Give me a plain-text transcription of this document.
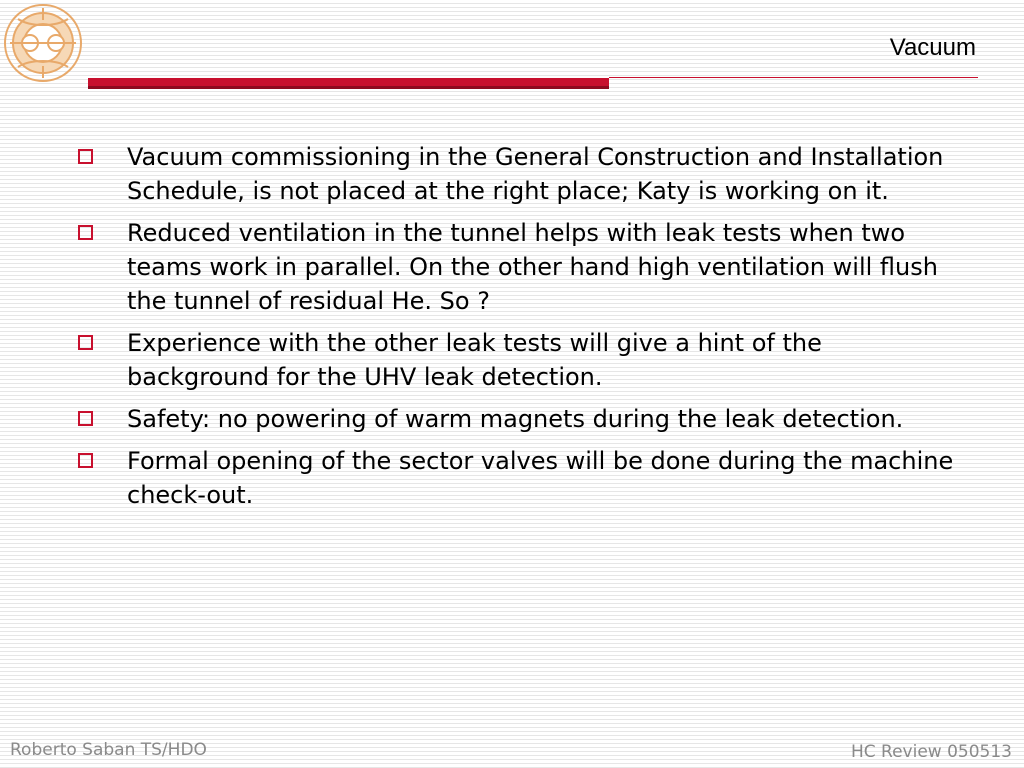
Vacuum
Vacuum commissioning in the General Construction and Installation Schedule, is not placed at the right place; Katy is working on it.
Reduced ventilation in the tunnel helps with leak tests when two teams work in parallel. On the other hand high ventilation will flush the tunnel of residual He. So ?
Experience with the other leak tests will give a hint of the background for the UHV leak detection.
Safety: no powering of warm magnets during the leak detection.
Formal opening of the sector valves will be done during the machine check-out.
Roberto Saban TS/HDO	HC Review 050513
